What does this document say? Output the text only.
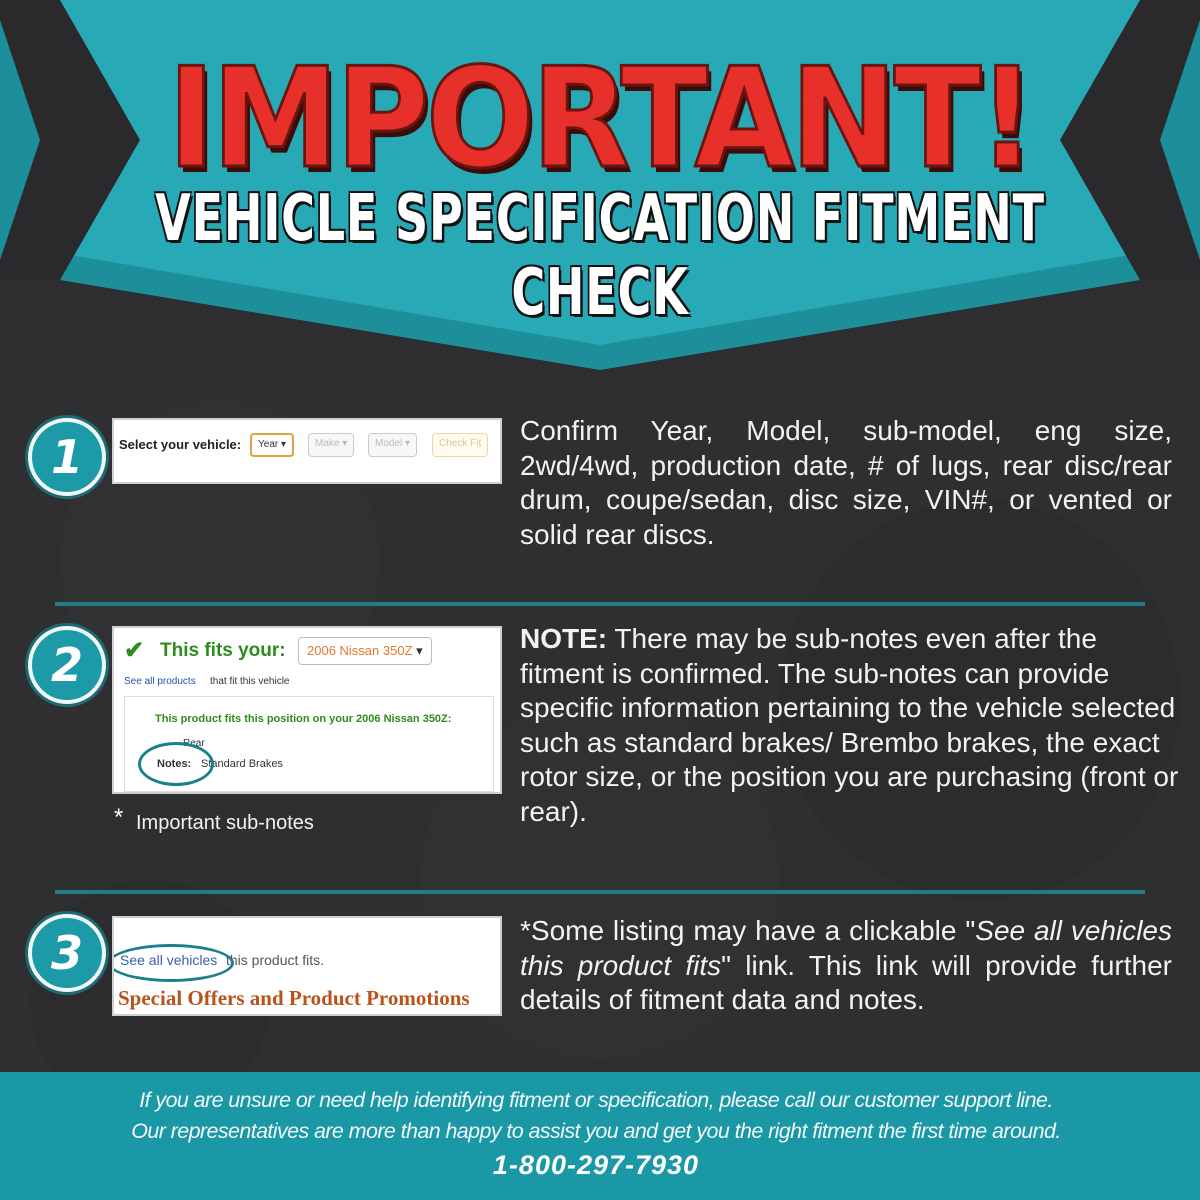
IMPORTANT!
VEHICLE SPECIFICATION FITMENT CHECK
1	Select your vehicle:	Year ▾	Make ▾	Model ▾	Check Fit Confirm Year, Model, sub-model, eng size, 2wd/4wd, production date, # of lugs, rear disc/rear drum, coupe/sedan, disc size, VIN#, or vented or solid rear discs.
2 ✔ This fits your:	2006 Nissan 350Z ▾
See all products that fit this vehicle
This product fits this position on your 2006 Nissan 350Z:
Rear
Notes: Standard Brakes
* Important sub-notes
NOTE: There may be sub-notes even after the fitment is confirmed. The sub-notes can provide specific information pertaining to the vehicle selected such as standard brakes/ Brembo brakes, the exact rotor size, or the position you are purchasing (front or rear).
3	See all vehicles this product fits.
Special Offers and Product Promotions
*Some listing may have a clickable "See all vehicles this product fits" link. This link will provide further details of fitment data and notes.
If you are unsure or need help identifying fitment or specification, please call our customer support line.
Our representatives are more than happy to assist you and get you the right fitment the first time around.
1-800-297-7930
